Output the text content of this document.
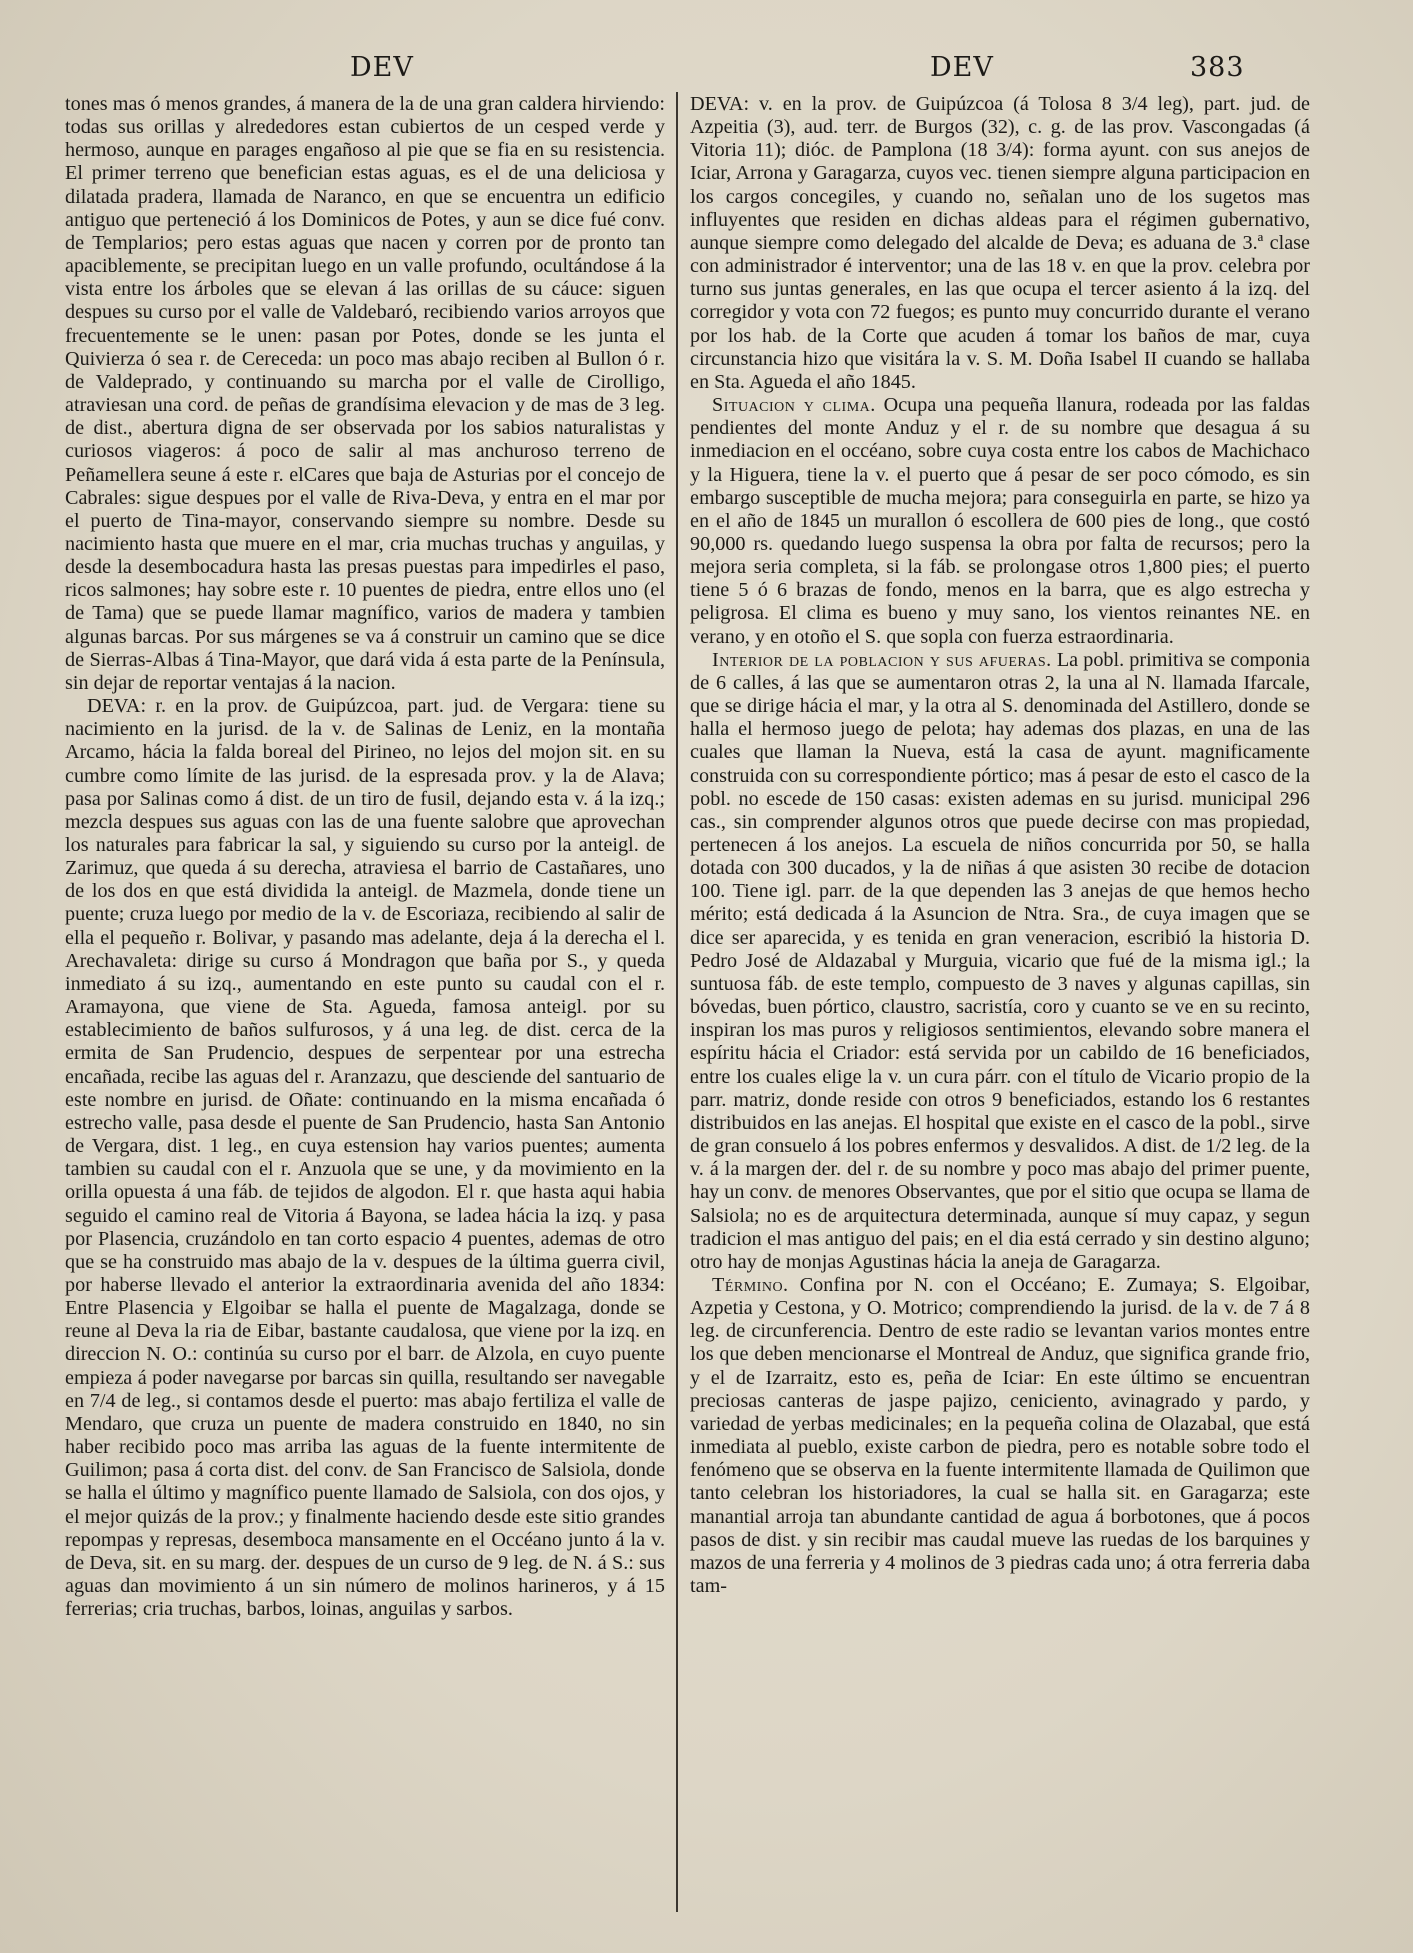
DEV	DEV	383

tones mas ó menos grandes, á manera de la de una gran caldera hirviendo: todas sus orillas y alrededores estan cubiertos de un cesped verde y hermoso, aunque en parages engañoso al pie que se fia en su resistencia. El primer terreno que benefician estas aguas, es el de una deliciosa y dilatada pradera, llamada de Naranco, en que se encuentra un edificio antiguo que perteneció á los Dominicos de Potes, y aun se dice fué conv. de Templarios; pero estas aguas que nacen y corren por de pronto tan apaciblemente, se precipitan luego en un valle profundo, ocultándose á la vista entre los árboles que se elevan á las orillas de su cáuce: siguen despues su curso por el valle de Valdebaró, recibiendo varios arroyos que frecuentemente se le unen: pasan por Potes, donde se les junta el Quivierza ó sea r. de Cereceda: un poco mas abajo reciben al Bullon ó r. de Valdeprado, y continuando su marcha por el valle de Cirolligo, atraviesan una cord. de peñas de grandísima elevacion y de mas de 3 leg. de dist., abertura digna de ser observada por los sabios naturalistas y curiosos viageros: á poco de salir al mas anchuroso terreno de Peñamellera seune á este r. elCares que baja de Asturias por el concejo de Cabrales: sigue despues por el valle de Riva-Deva, y entra en el mar por el puerto de Tina-mayor, conservando siempre su nombre. Desde su nacimiento hasta que muere en el mar, cria muchas truchas y anguilas, y desde la desembocadura hasta las presas puestas para impedirles el paso, ricos salmones; hay sobre este r. 10 puentes de piedra, entre ellos uno (el de Tama) que se puede llamar magnífico, varios de madera y tambien algunas barcas. Por sus márgenes se va á construir un camino que se dice de Sierras-Albas á Tina-Mayor, que dará vida á esta parte de la Península, sin dejar de reportar ventajas á la nacion.

DEVA: r. en la prov. de Guipúzcoa, part. jud. de Vergara: tiene su nacimiento en la jurisd. de la v. de Salinas de Leniz, en la montaña Arcamo, hácia la falda boreal del Pirineo, no lejos del mojon sit. en su cumbre como límite de las jurisd. de la espresada prov. y la de Alava; pasa por Salinas como á dist. de un tiro de fusil, dejando esta v. á la izq.; mezcla despues sus aguas con las de una fuente salobre que aprovechan los naturales para fabricar la sal, y siguiendo su curso por la anteigl. de Zarimuz, que queda á su derecha, atraviesa el barrio de Castañares, uno de los dos en que está dividida la anteigl. de Mazmela, donde tiene un puente; cruza luego por medio de la v. de Escoriaza, recibiendo al salir de ella el pequeño r. Bolivar, y pasando mas adelante, deja á la derecha el l. Arechavaleta: dirige su curso á Mondragon que baña por S., y queda inmediato á su izq., aumentando en este punto su caudal con el r. Aramayona, que viene de Sta. Agueda, famosa anteigl. por su establecimiento de baños sulfurosos, y á una leg. de dist. cerca de la ermita de San Prudencio, despues de serpentear por una estrecha encañada, recibe las aguas del r. Aranzazu, que desciende del santuario de este nombre en jurisd. de Oñate: continuando en la misma encañada ó estrecho valle, pasa desde el puente de San Prudencio, hasta San Antonio de Vergara, dist. 1 leg., en cuya estension hay varios puentes; aumenta tambien su caudal con el r. Anzuola que se une, y da movimiento en la orilla opuesta á una fáb. de tejidos de algodon. El r. que hasta aqui habia seguido el camino real de Vitoria á Bayona, se ladea hácia la izq. y pasa por Plasencia, cruzándolo en tan corto espacio 4 puentes, ademas de otro que se ha construido mas abajo de la v. despues de la última guerra civil, por haberse llevado el anterior la extraordinaria avenida del año 1834: Entre Plasencia y Elgoibar se halla el puente de Magalzaga, donde se reune al Deva la ria de Eibar, bastante caudalosa, que viene por la izq. en direccion N. O.: continúa su curso por el barr. de Alzola, en cuyo puente empieza á poder navegarse por barcas sin quilla, resultando ser navegable en 7/4 de leg., si contamos desde el puerto: mas abajo fertiliza el valle de Mendaro, que cruza un puente de madera construido en 1840, no sin haber recibido poco mas arriba las aguas de la fuente intermitente de Guilimon; pasa á corta dist. del conv. de San Francisco de Salsiola, donde se halla el último y magnífico puente llamado de Salsiola, con dos ojos, y el mejor quizás de la prov.; y finalmente haciendo desde este sitio grandes repompas y represas, desemboca mansamente en el Occéano junto á la v. de Deva, sit. en su marg. der. despues de un curso de 9 leg. de N. á S.: sus aguas dan movimiento á un sin número de molinos harineros, y á 15 ferrerias; cria truchas, barbos, loinas, anguilas y sarbos.

DEVA: v. en la prov. de Guipúzcoa (á Tolosa 8 3/4 leg), part. jud. de Azpeitia (3), aud. terr. de Burgos (32), c. g. de las prov. Vascongadas (á Vitoria 11); dióc. de Pamplona (18 3/4): forma ayunt. con sus anejos de Iciar, Arrona y Garagarza, cuyos vec. tienen siempre alguna participacion en los cargos concegiles, y cuando no, señalan uno de los sugetos mas influyentes que residen en dichas aldeas para el régimen gubernativo, aunque siempre como delegado del alcalde de Deva; es aduana de 3.ª clase con administrador é interventor; una de las 18 v. en que la prov. celebra por turno sus juntas generales, en las que ocupa el tercer asiento á la izq. del corregidor y vota con 72 fuegos; es punto muy concurrido durante el verano por los hab. de la Corte que acuden á tomar los baños de mar, cuya circunstancia hizo que visitára la v. S. M. Doña Isabel II cuando se hallaba en Sta. Agueda el año 1845.

Situacion y clima. Ocupa una pequeña llanura, rodeada por las faldas pendientes del monte Anduz y el r. de su nombre que desagua á su inmediacion en el occéano, sobre cuya costa entre los cabos de Machichaco y la Higuera, tiene la v. el puerto que á pesar de ser poco cómodo, es sin embargo susceptible de mucha mejora; para conseguirla en parte, se hizo ya en el año de 1845 un murallon ó escollera de 600 pies de long., que costó 90,000 rs. quedando luego suspensa la obra por falta de recursos; pero la mejora seria completa, si la fáb. se prolongase otros 1,800 pies; el puerto tiene 5 ó 6 brazas de fondo, menos en la barra, que es algo estrecha y peligrosa. El clima es bueno y muy sano, los vientos reinantes NE. en verano, y en otoño el S. que sopla con fuerza estraordinaria.

Interior de la poblacion y sus afueras. La pobl. primitiva se componia de 6 calles, á las que se aumentaron otras 2, la una al N. llamada Ifarcale, que se dirige hácia el mar, y la otra al S. denominada del Astillero, donde se halla el hermoso juego de pelota; hay ademas dos plazas, en una de las cuales que llaman la Nueva, está la casa de ayunt. magnificamente construida con su correspondiente pórtico; mas á pesar de esto el casco de la pobl. no escede de 150 casas: existen ademas en su jurisd. municipal 296 cas., sin comprender algunos otros que puede decirse con mas propiedad, pertenecen á los anejos. La escuela de niños concurrida por 50, se halla dotada con 300 ducados, y la de niñas á que asisten 30 recibe de dotacion 100. Tiene igl. parr. de la que dependen las 3 anejas de que hemos hecho mérito; está dedicada á la Asuncion de Ntra. Sra., de cuya imagen que se dice ser aparecida, y es tenida en gran veneracion, escribió la historia D. Pedro José de Aldazabal y Murguia, vicario que fué de la misma igl.; la suntuosa fáb. de este templo, compuesto de 3 naves y algunas capillas, sin bóvedas, buen pórtico, claustro, sacristía, coro y cuanto se ve en su recinto, inspiran los mas puros y religiosos sentimientos, elevando sobre manera el espíritu hácia el Criador: está servida por un cabildo de 16 beneficiados, entre los cuales elige la v. un cura párr. con el título de Vicario propio de la parr. matriz, donde reside con otros 9 beneficiados, estando los 6 restantes distribuidos en las anejas. El hospital que existe en el casco de la pobl., sirve de gran consuelo á los pobres enfermos y desvalidos. A dist. de 1/2 leg. de la v. á la margen der. del r. de su nombre y poco mas abajo del primer puente, hay un conv. de menores Observantes, que por el sitio que ocupa se llama de Salsiola; no es de arquitectura determinada, aunque sí muy capaz, y segun tradicion el mas antiguo del pais; en el dia está cerrado y sin destino alguno; otro hay de monjas Agustinas hácia la aneja de Garagarza.

Término. Confina por N. con el Occéano; E. Zumaya; S. Elgoibar, Azpetia y Cestona, y O. Motrico; comprendiendo la jurisd. de la v. de 7 á 8 leg. de circunferencia. Dentro de este radio se levantan varios montes entre los que deben mencionarse el Montreal de Anduz, que significa grande frio, y el de Izarraitz, esto es, peña de Iciar: En este último se encuentran preciosas canteras de jaspe pajizo, ceniciento, avinagrado y pardo, y variedad de yerbas medicinales; en la pequeña colina de Olazabal, que está inmediata al pueblo, existe carbon de piedra, pero es notable sobre todo el fenómeno que se observa en la fuente intermitente llamada de Quilimon que tanto celebran los historiadores, la cual se halla sit. en Garagarza; este manantial arroja tan abundante cantidad de agua á borbotones, que á pocos pasos de dist. y sin recibir mas caudal mueve las ruedas de los barquines y mazos de una ferreria y 4 molinos de 3 piedras cada uno; á otra ferreria daba tam-
